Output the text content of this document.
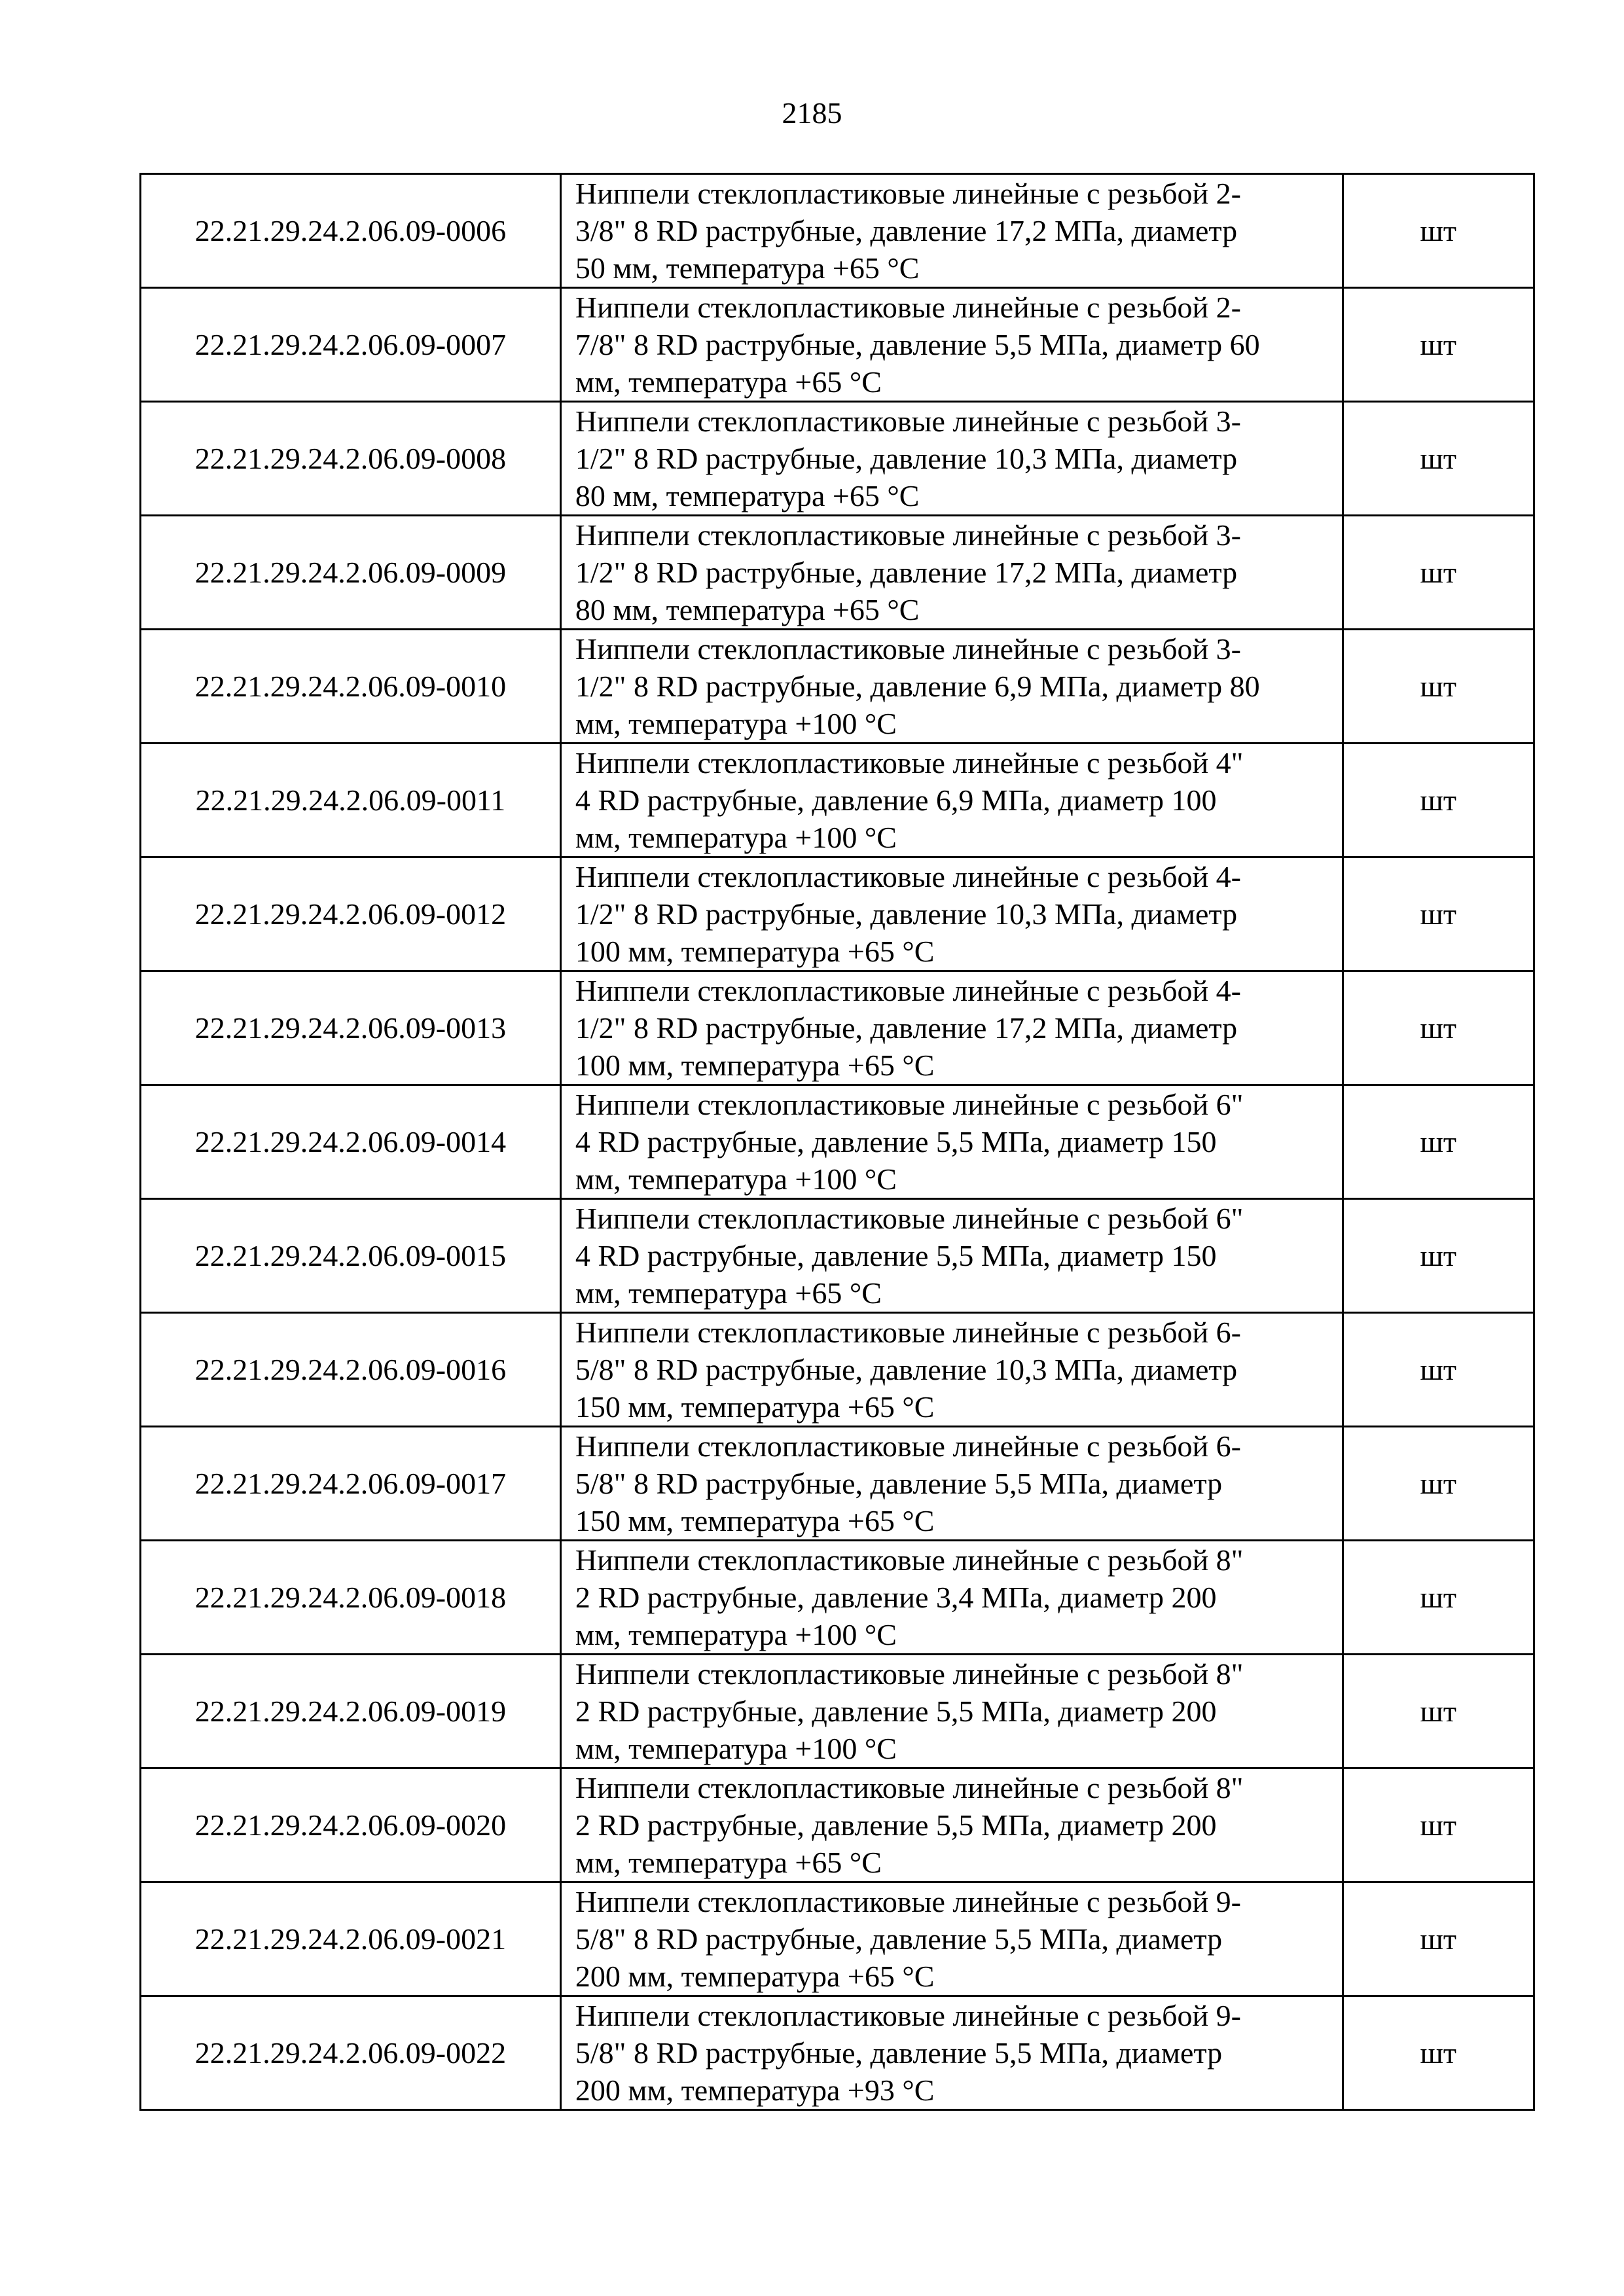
2185
22.21.29.24.2.06.09-0006	Ниппели стеклопластиковые линейные с резьбой 2-
3/8" 8 RD раструбные, давление 17,2 МПа, диаметр
50 мм, температура +65 °С	шт
22.21.29.24.2.06.09-0007	Ниппели стеклопластиковые линейные с резьбой 2-
7/8" 8 RD раструбные, давление 5,5 МПа, диаметр 60
мм, температура +65 °С	шт
22.21.29.24.2.06.09-0008	Ниппели стеклопластиковые линейные с резьбой 3-
1/2" 8 RD раструбные, давление 10,3 МПа, диаметр
80 мм, температура +65 °С	шт
22.21.29.24.2.06.09-0009	Ниппели стеклопластиковые линейные с резьбой 3-
1/2" 8 RD раструбные, давление 17,2 МПа, диаметр
80 мм, температура +65 °С	шт
22.21.29.24.2.06.09-0010	Ниппели стеклопластиковые линейные с резьбой 3-
1/2" 8 RD раструбные, давление 6,9 МПа, диаметр 80
мм, температура +100 °С	шт
22.21.29.24.2.06.09-0011	Ниппели стеклопластиковые линейные с резьбой 4"
4 RD раструбные, давление 6,9 МПа, диаметр 100
мм, температура +100 °С	шт
22.21.29.24.2.06.09-0012	Ниппели стеклопластиковые линейные с резьбой 4-
1/2" 8 RD раструбные, давление 10,3 МПа, диаметр
100 мм, температура +65 °С	шт
22.21.29.24.2.06.09-0013	Ниппели стеклопластиковые линейные с резьбой 4-
1/2" 8 RD раструбные, давление 17,2 МПа, диаметр
100 мм, температура +65 °С	шт
22.21.29.24.2.06.09-0014	Ниппели стеклопластиковые линейные с резьбой 6"
4 RD раструбные, давление 5,5 МПа, диаметр 150
мм, температура +100 °С	шт
22.21.29.24.2.06.09-0015	Ниппели стеклопластиковые линейные с резьбой 6"
4 RD раструбные, давление 5,5 МПа, диаметр 150
мм, температура +65 °С	шт
22.21.29.24.2.06.09-0016	Ниппели стеклопластиковые линейные с резьбой 6-
5/8" 8 RD раструбные, давление 10,3 МПа, диаметр
150 мм, температура +65 °С	шт
22.21.29.24.2.06.09-0017	Ниппели стеклопластиковые линейные с резьбой 6-
5/8" 8 RD раструбные, давление 5,5 МПа, диаметр
150 мм, температура +65 °С	шт
22.21.29.24.2.06.09-0018	Ниппели стеклопластиковые линейные с резьбой 8"
2 RD раструбные, давление 3,4 МПа, диаметр 200
мм, температура +100 °С	шт
22.21.29.24.2.06.09-0019	Ниппели стеклопластиковые линейные с резьбой 8"
2 RD раструбные, давление 5,5 МПа, диаметр 200
мм, температура +100 °С	шт
22.21.29.24.2.06.09-0020	Ниппели стеклопластиковые линейные с резьбой 8"
2 RD раструбные, давление 5,5 МПа, диаметр 200
мм, температура +65 °С	шт
22.21.29.24.2.06.09-0021	Ниппели стеклопластиковые линейные с резьбой 9-
5/8" 8 RD раструбные, давление 5,5 МПа, диаметр
200 мм, температура +65 °С	шт
22.21.29.24.2.06.09-0022	Ниппели стеклопластиковые линейные с резьбой 9-
5/8" 8 RD раструбные, давление 5,5 МПа, диаметр
200 мм, температура +93 °С	шт
